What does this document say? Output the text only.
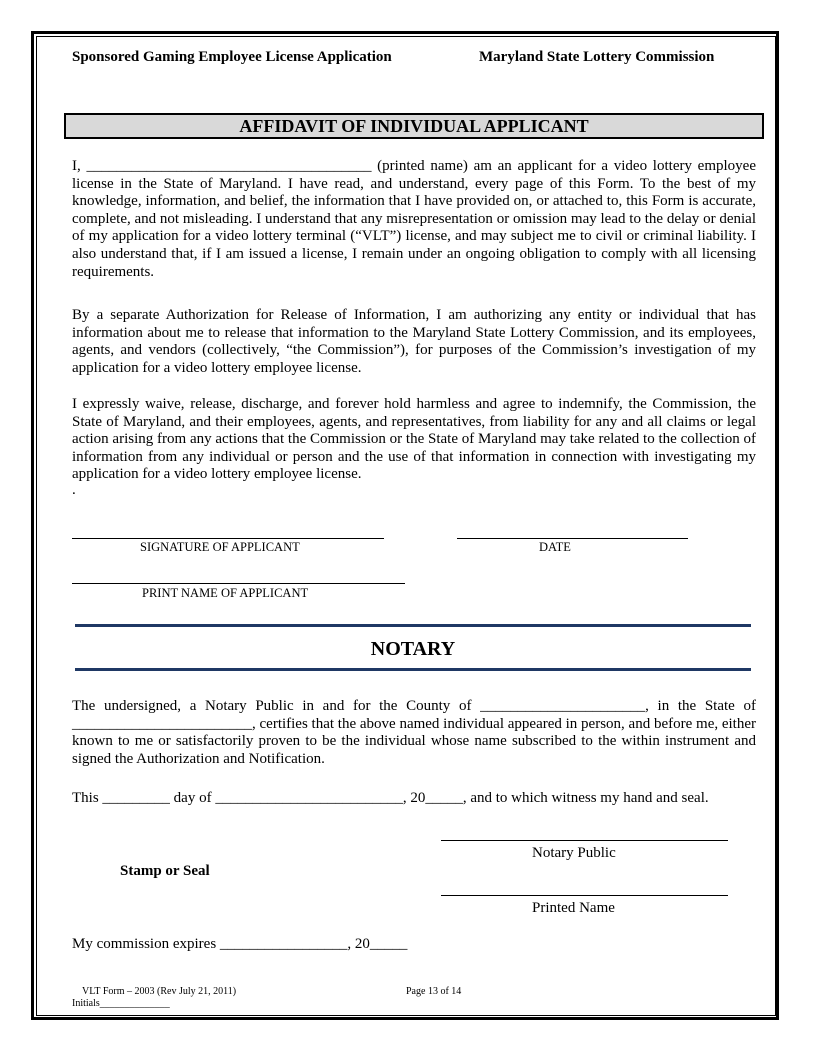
Sponsored Gaming Employee License Application	Maryland State Lottery Commission
AFFIDAVIT OF INDIVIDUAL APPLICANT

I, ______________________________________ (printed name) am an applicant for a video lottery employee license in the State of Maryland. I have read, and understand, every page of this Form. To the best of my knowledge, information, and belief, the information that I have provided on, or attached to, this Form is accurate, complete, and not misleading. I understand that any misrepresentation or omission may lead to the delay or denial of my application for a video lottery terminal (“VLT”) license, and may subject me to civil or criminal liability. I also understand that, if I am issued a license, I remain under an ongoing obligation to comply with all licensing requirements.

By a separate Authorization for Release of Information, I am authorizing any entity or individual that has information about me to release that information to the Maryland State Lottery Commission, and its employees, agents, and vendors (collectively, “the Commission”), for purposes of the Commission’s investigation of my application for a video lottery employee license.

I expressly waive, release, discharge, and forever hold harmless and agree to indemnify, the Commission, the State of Maryland, and their employees, agents, and representatives, from liability for any and all claims or legal action arising from any actions that the Commission or the State of Maryland may take related to the collection of information from any individual or person and the use of that information in connection with investigating my application for a video lottery employee license.

.
SIGNATURE OF APPLICANT	DATE
PRINT NAME OF APPLICANT
NOTARY

The undersigned, a Notary Public in and for the County of ______________________, in the State of ________________________, certifies that the above named individual appeared in person, and before me, either known to me or satisfactorily proven to be the individual whose name subscribed to the within instrument and signed the Authorization and Notification.

This _________ day of _________________________, 20_____, and to which witness my hand and seal.

Notary Public
Stamp or Seal
Printed Name
My commission expires _________________, 20_____
VLT Form – 2003 (Rev July 21, 2011)	Page 13 of 14
Initials______________
